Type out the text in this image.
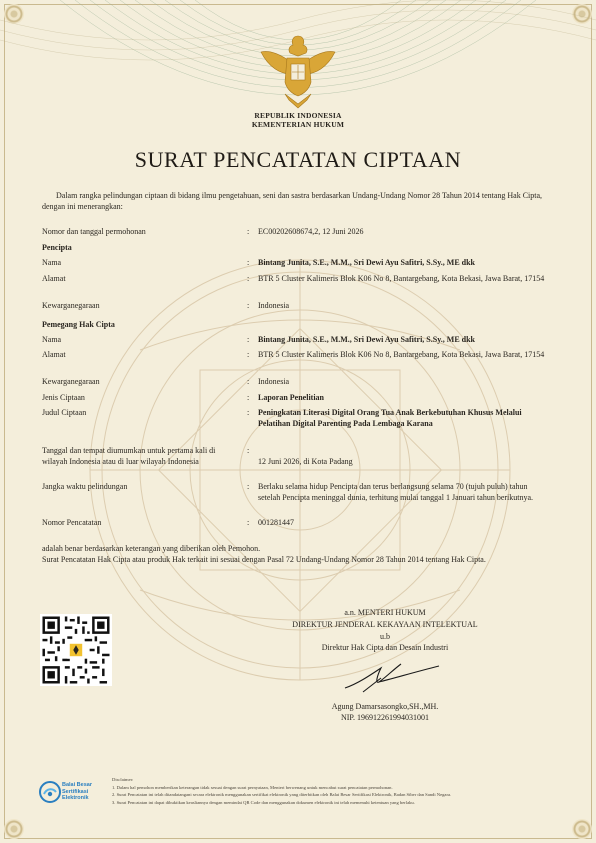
REPUBLIK INDONESIA
KEMENTERIAN HUKUM
SURAT PENCATATAN CIPTAAN
Dalam rangka pelindungan ciptaan di bidang ilmu pengetahuan, seni dan sastra berdasarkan Undang-Undang Nomor 28 Tahun 2014 tentang Hak Cipta, dengan ini menerangkan:
Nomor dan tanggal permohonan	: EC00202608674,2, 12 Juni 2026
Pencipta
Nama	: Bintang Junita, S.E., M.M., Sri Dewi Ayu Safitri, S.Sy., ME dkk
Alamat	: BTR 5 Cluster Kalimeris Blok K06 No 8, Bantargebang, Kota Bekasi, Jawa Barat, 17154
Kewarganegaraan	: Indonesia
Pemegang Hak Cipta
Nama	: Bintang Junita, S.E., M.M., Sri Dewi Ayu Safitri, S.Sy., ME dkk
Alamat	: BTR 5 Cluster Kalimeris Blok K06 No 8, Bantargebang, Kota Bekasi, Jawa Barat, 17154
Kewarganegaraan	: Indonesia
Jenis Ciptaan	: Laporan Penelitian
Judul Ciptaan	: Peningkatan Literasi Digital Orang Tua Anak Berkebutuhan Khusus Melalui Pelatihan Digital Parenting Pada Lembaga Karana
Tanggal dan tempat diumumkan untuk pertama kali di wilayah Indonesia atau di luar wilayah Indonesia
:
12 Juni 2026, di Kota Padang
Jangka waktu pelindungan	: Berlaku selama hidup Pencipta dan terus berlangsung selama 70 (tujuh puluh) tahun setelah Pencipta meninggal dunia, terhitung mulai tanggal 1 Januari tahun berikutnya.
Nomor Pencatatan	: 001281447
adalah benar berdasarkan keterangan yang diberikan oleh Pemohon.
Surat Pencatatan Hak Cipta atau produk Hak terkait ini sesuai dengan Pasal 72 Undang-Undang Nomor 28 Tahun 2014 tentang Hak Cipta.
a.n. MENTERI HUKUM
DIREKTUR JENDERAL KEKAYAAN INTELEKTUAL
u.b
Direktur Hak Cipta dan Desain Industri
Agung Damarsasongko,SH.,MH.
NIP. 196912261994031001
Balai Besar
Sertifikasi
Elektronik
Disclaimer:
1. Dalam hal pemohon memberikan keterangan tidak sesuai dengan surat pernyataan, Menteri berwenang untuk mencabut surat pencatatan permohonan.
2. Surat Pencatatan ini telah ditandatangani secara elektronik menggunakan sertifikat elektronik yang diterbitkan oleh Balai Besar Sertifikasi Elektronik, Badan Siber dan Sandi Negara.
3. Surat Pencatatan ini dapat dibuktikan keasliannya dengan memindai QR Code dan menggunakan dokumen elektronik ini telah memenuhi ketentuan yang berlaku.
